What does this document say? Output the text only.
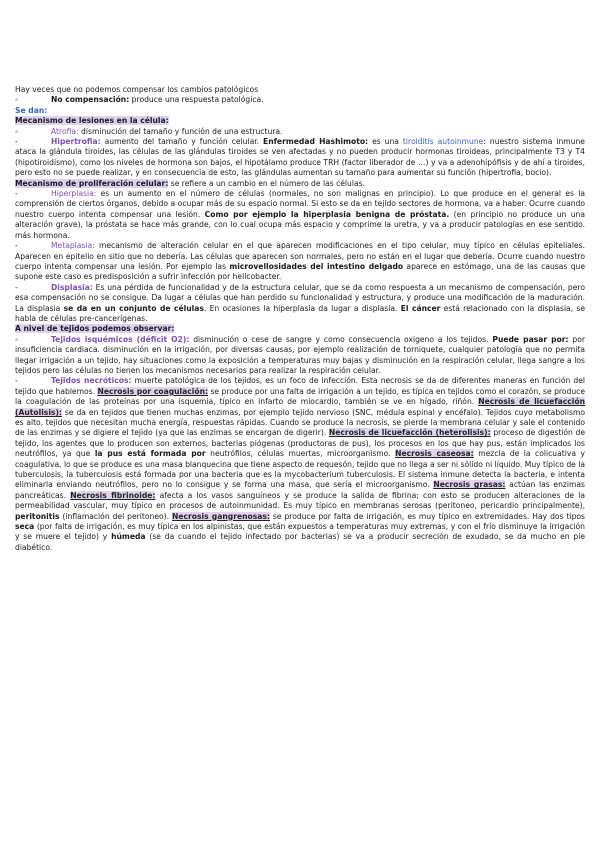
Hay veces que no podemos compensar los cambios patológicos

-	No compensación: produce una respuesta patológica.

Se dan:

Mecanismo de lesiones en la célula:

-	Atrofia: disminución del tamaño y función de una estructura.

-	Hipertrofia: aumento del tamaño y función celular. Enfermedad Hashimoto: es una tiroiditis autoinmune: nuestro sistema inmune ataca la glándula tiroides, las células de las glándulas tiroides se ven afectadas y no pueden producir hormonas tiroideas, principalmente T3 y T4 (hipotiroidismo), como los niveles de hormona son bajos, el hipotálamo produce TRH (factor liberador de …) y va a adenohipófisis y de ahí a tiroides, pero esto no se puede realizar, y en consecuencia de esto, las glándulas aumentan su tamaño para aumentar su función (hipertrofia, bocio).

Mecanismo de proliferación celular: se refiere a un cambio en el número de las células.

-	Hiperplasia: es un aumento en el número de células (normales, no son malignas en principio). Lo que produce en el general es la comprensión de ciertos órganos, debido a ocupar más de su espacio normal. Si esto se da en tejido sectores de hormona, va a haber. Ocurre cuando nuestro cuerpo intenta compensar una lesión. Como por ejemplo la hiperplasia benigna de próstata. (en principio no produce un una alteración grave), la próstata se hace más grande, con lo cual ocupa más espacio y comprime la uretra, y va a producir patologías en ese sentido. más hormona.

-	Metaplasia: mecanismo de alteración celular en el que aparecen modificaciones en el tipo celular, muy típico en células epiteliales. Aparecen en epitelio en sitio que no debería. Las células que aparecen son normales, pero no están en el lugar que debería. Ocurre cuando nuestro cuerpo intenta compensar una lesión. Por ejemplo las microvellosidades del intestino delgado aparece en estómago, una de las causas que supone este caso es predisposición a sufrir infección por helicobacter.

-	Displasia: Es una pérdida de funcionalidad y de la estructura celular, que se da como respuesta a un mecanismo de compensación, pero esa compensación no se consigue. Da lugar a células que han perdido su funcionalidad y estructura, y produce una modificación de la maduración. La displasia se da en un conjunto de células. En ocasiones la hiperplasia da lugar a displasia. El cáncer está relacionado con la displasia, se habla de células pre-cancerígenas.

A nivel de tejidos podemos observar:

-	Tejidos isquémicos (déficit O2): disminución o cese de sangre y como consecuencia oxigeno a los tejidos. Puede pasar por: por insuficiencia cardiaca. disminución en la irrigación, por diversas causas, por ejemplo realización de torniquete, cualquier patología que no permita llegar irrigación a un tejido, hay situaciones como la exposición a temperaturas muy bajas y disminución en la respiración celular, llega sangre a los tejidos pero las células no tienen los mecanismos necesarios para realizar la respiración celular.

-	Tejidos necróticos: muerte patológica de los tejidos, es un foco de infección. Esta necrosis se da de diferentes maneras en función del tejido que hablemos. Necrosis por coagulación: se produce por una falta de irrigación a un tejido, es típica en tejidos como el corazón, se produce la coagulación de las proteínas por una isquemia, típico en infarto de miocardio, también se ve en hígado, riñón. Necrosis de licuefacción (Autolisis): se da en tejidos que tienen muchas enzimas, por ejemplo tejido nervioso (SNC, médula espinal y encéfalo). Tejidos cuyo metabolismo es alto, tejidos que necesitan mucha energía, respuestas rápidas. Cuando se produce la necrosis, se pierde la membrana celular y sale el contenido de las enzimas y se digiere el tejido (ya que las enzimas se encargan de digerir). Necrosis de licuefacción (heterolisis): proceso de digestión de tejido, los agentes que lo producen son externos, bacterias piógenas (productoras de pus), los procesos en los que hay pus, están implicados los neutrófilos, ya que la pus está formada por neutrófilos, células muertas, microorganismo. Necrosis caseosa: mezcla de la colicuativa y coagulativa, lo que se produce es una masa blanquecina que tiene aspecto de requesón, tejido que no llega a ser ni sólido ni líquido. Muy típico de la tuberculosis, la tuberculosis está formada por una bacteria que es la mycobacterium tuberculosis. El sistema inmune detecta la bacteria, e intenta eliminarla enviando neutrófilos, pero no lo consigue y se forma una masa, que sería el microorganismo. Necrosis grasas: actúan las enzimas pancreáticas. Necrosis fibrinoide: afecta a los vasos sanguíneos y se produce la salida de fibrina; con esto se producen alteraciones de la permeabilidad vascular, muy típico en procesos de autoinmunidad. Es muy típico en membranas serosas (peritoneo, pericardio principalmente), peritonitis (inflamación del peritoneo). Necrosis gangrenosas: se produce por falta de irrigación, es muy típico en extremidades. Hay dos tipos seca (por falta de irrigación, es muy típica en los alpinistas, que están expuestos a temperaturas muy extremas, y con el frío disminuye la irrigación y se muere el tejido) y húmeda (se da cuando el tejido infectado por bacterias) se va a producir secreción de exudado, se da mucho en pie diabético.
